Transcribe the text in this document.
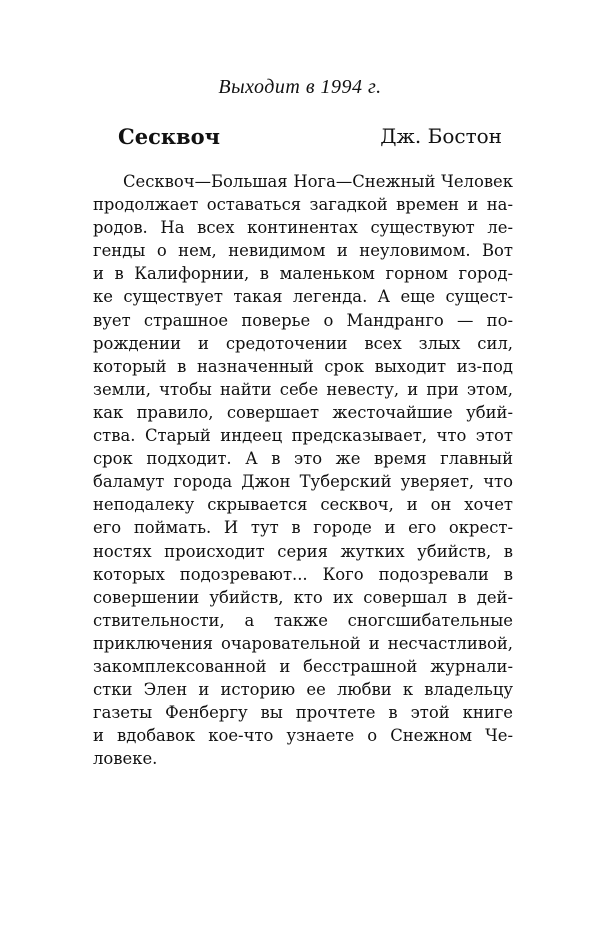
Выходит в 1994 г.
Сесквоч	Дж. Бостон
Сесквоч—Большая Нога—Снежный Человек
продолжает оставаться загадкой времен и на-
родов. На всех континентах существуют ле-
генды о нем, невидимом и неуловимом. Вот
и в Калифорнии, в маленьком горном город-
ке существует такая легенда. А еще сущест-
вует страшное поверье о Мандранго — по-
рождении и средоточении всех злых сил,
который в назначенный срок выходит из-под
земли, чтобы найти себе невесту, и при этом,
как правило, совершает жесточайшие убий-
ства. Старый индеец предсказывает, что этот
срок подходит. А в это же время главный
баламут города Джон Туберский уверяет, что
неподалеку скрывается сесквоч, и он хочет
его поймать. И тут в городе и его окрест-
ностях происходит серия жутких убийств, в
которых подозревают... Кого подозревали в
совершении убийств, кто их совершал в дей-
ствительности, а также сногсшибательные
приключения очаровательной и несчастливой,
закомплексованной и бесстрашной журнали-
стки Элен и историю ее любви к владельцу
газеты Фенбергу вы прочтете в этой книге
и вдобавок кое-что узнаете о Снежном Че-
ловеке.
